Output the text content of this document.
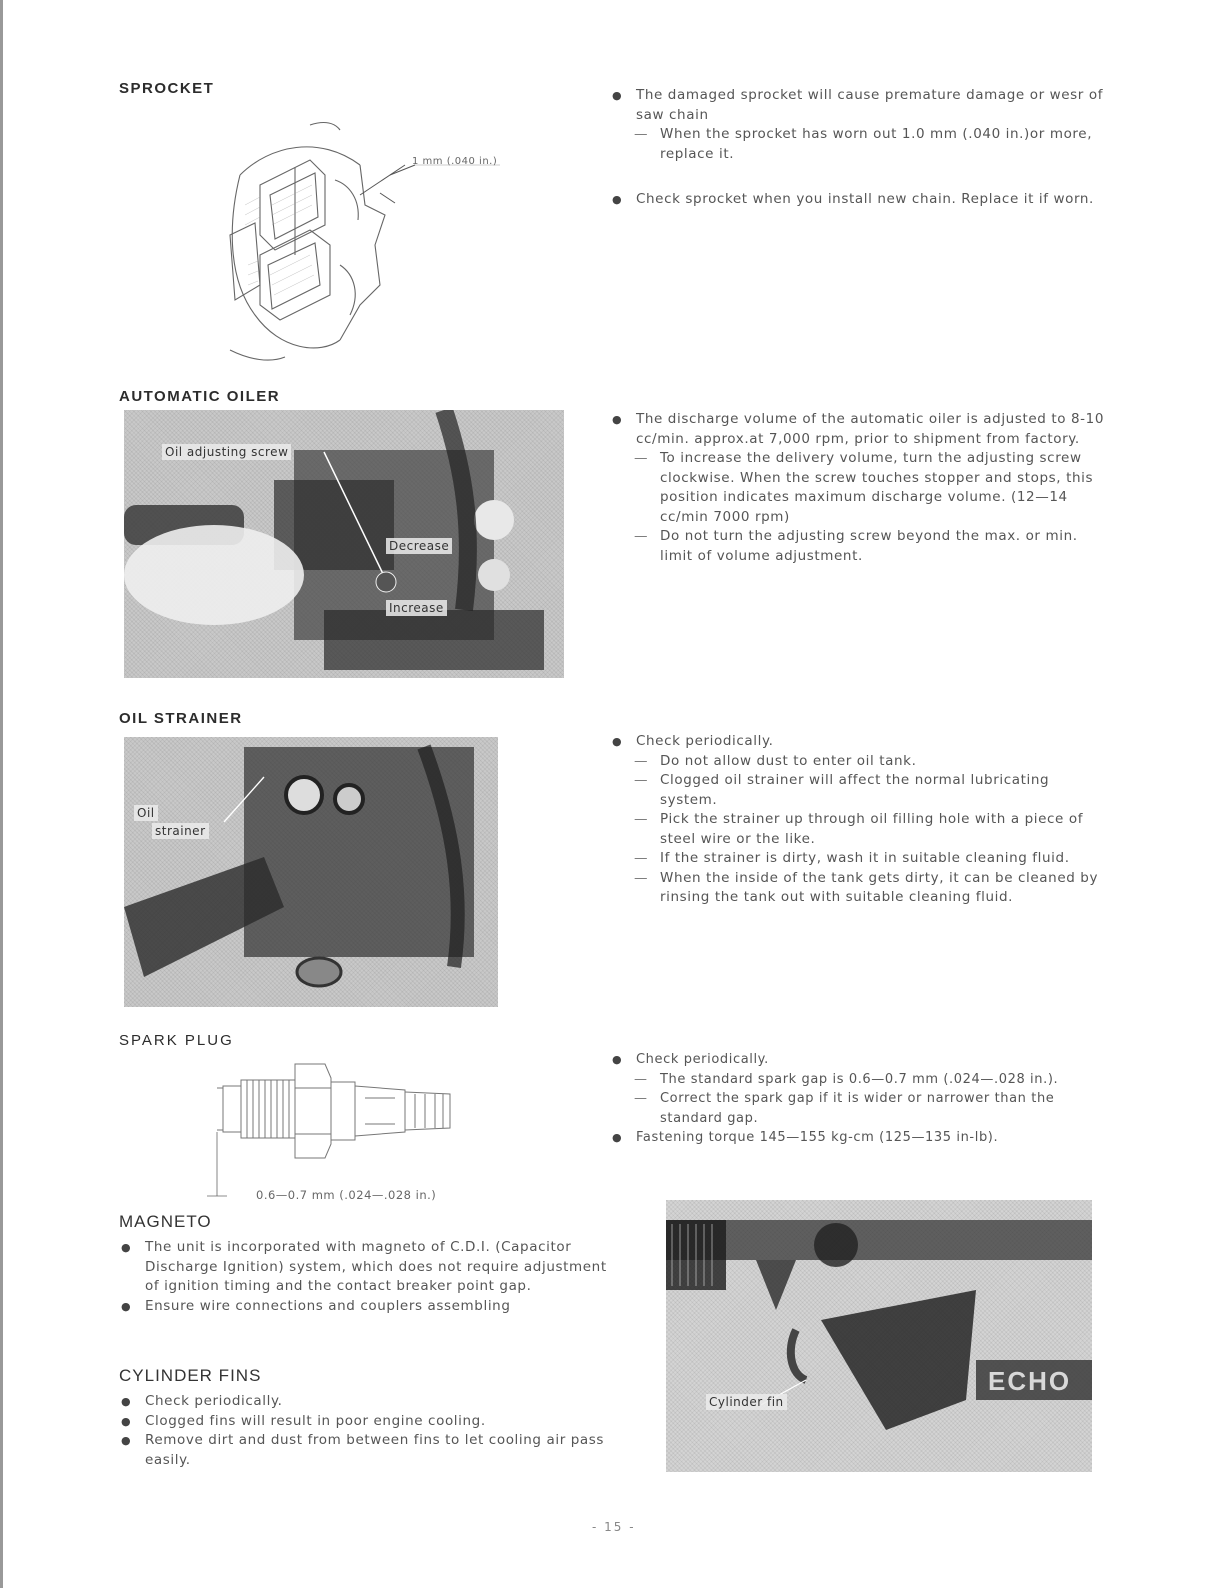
SPROCKET
1 mm (.040 in.)
● The damaged sprocket will cause premature damage or wesr of saw chain
— When the sprocket has worn out 1.0 mm (.040 in.)or more, replace it.
● Check sprocket when you install new chain. Replace it if worn.
AUTOMATIC OILER
Oil adjusting screw
Decrease
Increase
● The discharge volume of the automatic oiler is adjusted to 8-10 cc/min. approx.at 7,000 rpm, prior to shipment from factory.
— To increase the delivery volume, turn the adjusting screw clockwise. When the screw touches stopper and stops, this position indicates maximum discharge volume. (12—14 cc/min 7000 rpm)
— Do not turn the adjusting screw beyond the max. or min. limit of volume adjustment.
OIL STRAINER
Oil
strainer
● Check periodically.
— Do not allow dust to enter oil tank.
— Clogged oil strainer will affect the normal lubricating system.
— Pick the strainer up through oil filling hole with a piece of steel wire or the like.
— If the strainer is dirty, wash it in suitable cleaning fluid.
— When the inside of the tank gets dirty, it can be cleaned by rinsing the tank out with suitable cleaning fluid.
SPARK PLUG
0.6—0.7 mm (.024—.028 in.)
● Check periodically.
— The standard spark gap is 0.6—0.7 mm (.024—.028 in.).
— Correct the spark gap if it is wider or narrower than the standard gap.
● Fastening torque 145—155 kg-cm (125—135 in-lb).
MAGNETO
● The unit is incorporated with magneto of C.D.I. (Capacitor Discharge Ignition) system, which does not require adjustment of ignition timing and the contact breaker point gap.
● Ensure wire connections and couplers assembling
CYLINDER FINS
● Check periodically.
● Clogged fins will result in poor engine cooling.
● Remove dirt and dust from between fins to let cooling air pass easily.
ECHO
Cylinder fin
- 15 -
